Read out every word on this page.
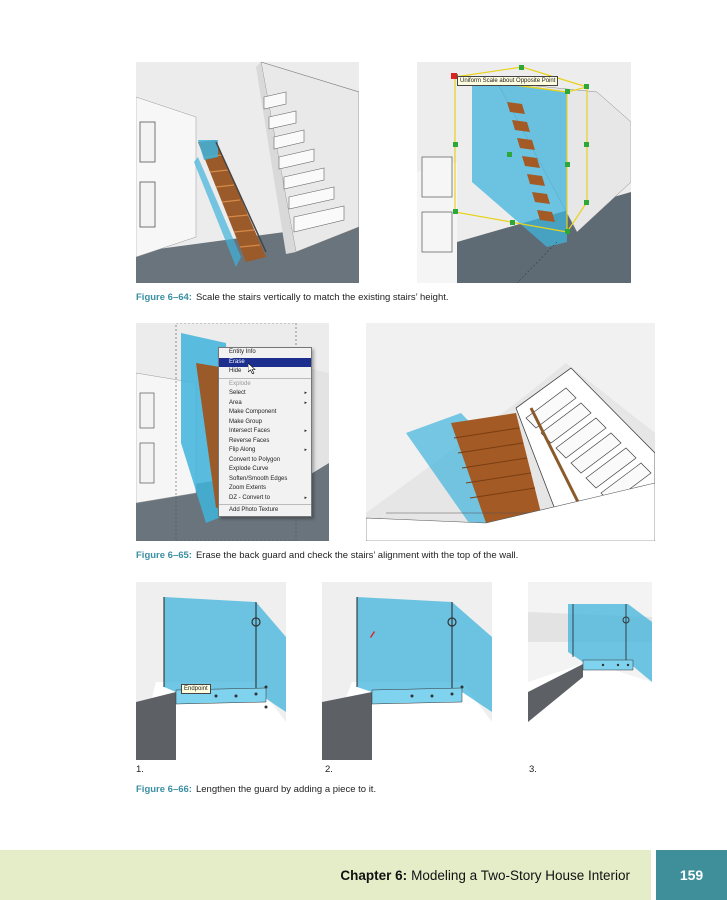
Uniform Scale about Opposite Point
Figure 6–64: Scale the stairs vertically to match the existing stairs’ height.
Entity Info
Erase
Hide
Explode
Select ▸
Area ▸
Make Component
Make Group
Intersect Faces ▸
Reverse Faces
Flip Along ▸
Convert to Polygon
Explode Curve
Soften/Smooth Edges
Zoom Extents
DZ - Convert to ▸
Add Photo Texture
Figure 6–65: Erase the back guard and check the stairs’ alignment with the top of the wall.
Endpoint
1.	2.	3.
Figure 6–66: Lengthen the guard by adding a piece to it.
Chapter 6: Modeling a Two-Story House Interior	159
